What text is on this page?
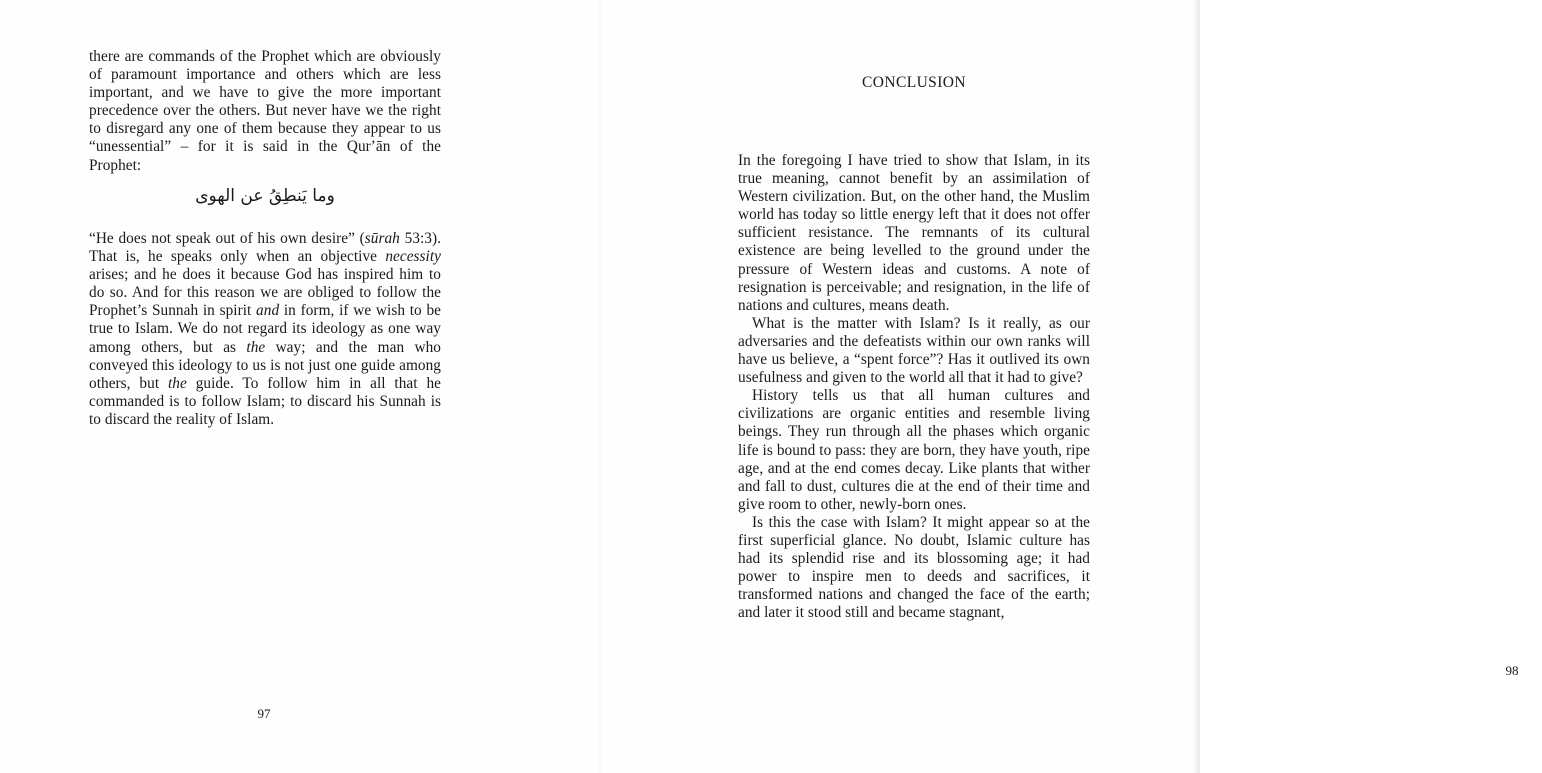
there are commands of the Prophet which are obviously of paramount importance and others which are less important, and we have to give the more important precedence over the others. But never have we the right to disregard any one of them because they appear to us “unessential” – for it is said in the Qurʼān of the Prophet:

وما يَنطِقُ عن الهوى

“He does not speak out of his own desire” (sūrah 53:3). That is, he speaks only when an objective necessity arises; and he does it because God has inspired him to do so. And for this reason we are obliged to follow the Prophet’s Sunnah in spirit and in form, if we wish to be true to Islam. We do not regard its ideology as one way among others, but as the way; and the man who conveyed this ideology to us is not just one guide among others, but the guide. To follow him in all that he commanded is to follow Islam; to discard his Sunnah is to discard the reality of Islam.

97
CONCLUSION

In the foregoing I have tried to show that Islam, in its true meaning, cannot benefit by an assimilation of Western civilization. But, on the other hand, the Muslim world has today so little energy left that it does not offer sufficient resistance. The remnants of its cultural existence are being levelled to the ground under the pressure of Western ideas and customs. A note of resignation is perceivable; and resignation, in the life of nations and cultures, means death.

What is the matter with Islam? Is it really, as our adversaries and the defeatists within our own ranks will have us believe, a “spent force”? Has it outlived its own usefulness and given to the world all that it had to give?

History tells us that all human cultures and civilizations are organic entities and resemble living beings. They run through all the phases which organic life is bound to pass: they are born, they have youth, ripe age, and at the end comes decay. Like plants that wither and fall to dust, cultures die at the end of their time and give room to other, newly-born ones.

Is this the case with Islam? It might appear so at the first superficial glance. No doubt, Islamic culture has had its splendid rise and its blossoming age; it had power to inspire men to deeds and sacrifices, it transformed nations and changed the face of the earth; and later it stood still and became stagnant,

98
